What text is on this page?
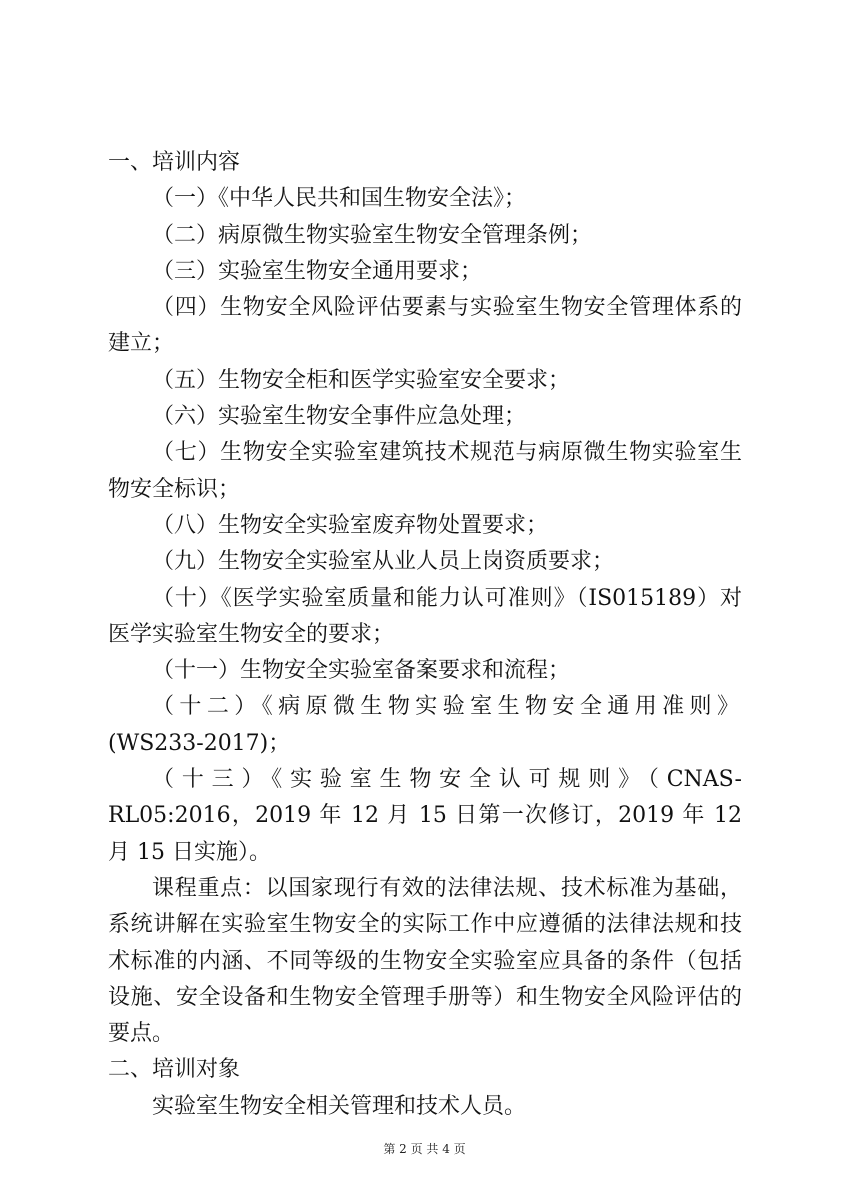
一、培训内容

（一）《中华人民共和国生物安全法》；
（二）病原微生物实验室生物安全管理条例；
（三）实验室生物安全通用要求；
（四）生物安全风险评估要素与实验室生物安全管理体系的建立；
（五）生物安全柜和医学实验室安全要求；
（六）实验室生物安全事件应急处理；
（七）生物安全实验室建筑技术规范与病原微生物实验室生物安全标识；
（八）生物安全实验室废弃物处置要求；
（九）生物安全实验室从业人员上岗资质要求；
（十）《医学实验室质量和能力认可准则》（IS015189）对医学实验室生物安全的要求；
（十一）生物安全实验室备案要求和流程；
（十二）《病原微生物实验室生物安全通用准则》
(WS233-2017)；
（十三）《实验室生物安全认可规则》（CNAS-RL05:2016，2019 年 12 月 15 日第一次修订，2019 年 12 月 15 日实施）。

课程重点：以国家现行有效的法律法规、技术标准为基础，系统讲解在实验室生物安全的实际工作中应遵循的法律法规和技术标准的内涵、不同等级的生物安全实验室应具备的条件（包括设施、安全设备和生物安全管理手册等）和生物安全风险评估的要点。

二、培训对象

实验室生物安全相关管理和技术人员。

第 2 页 共 4 页
